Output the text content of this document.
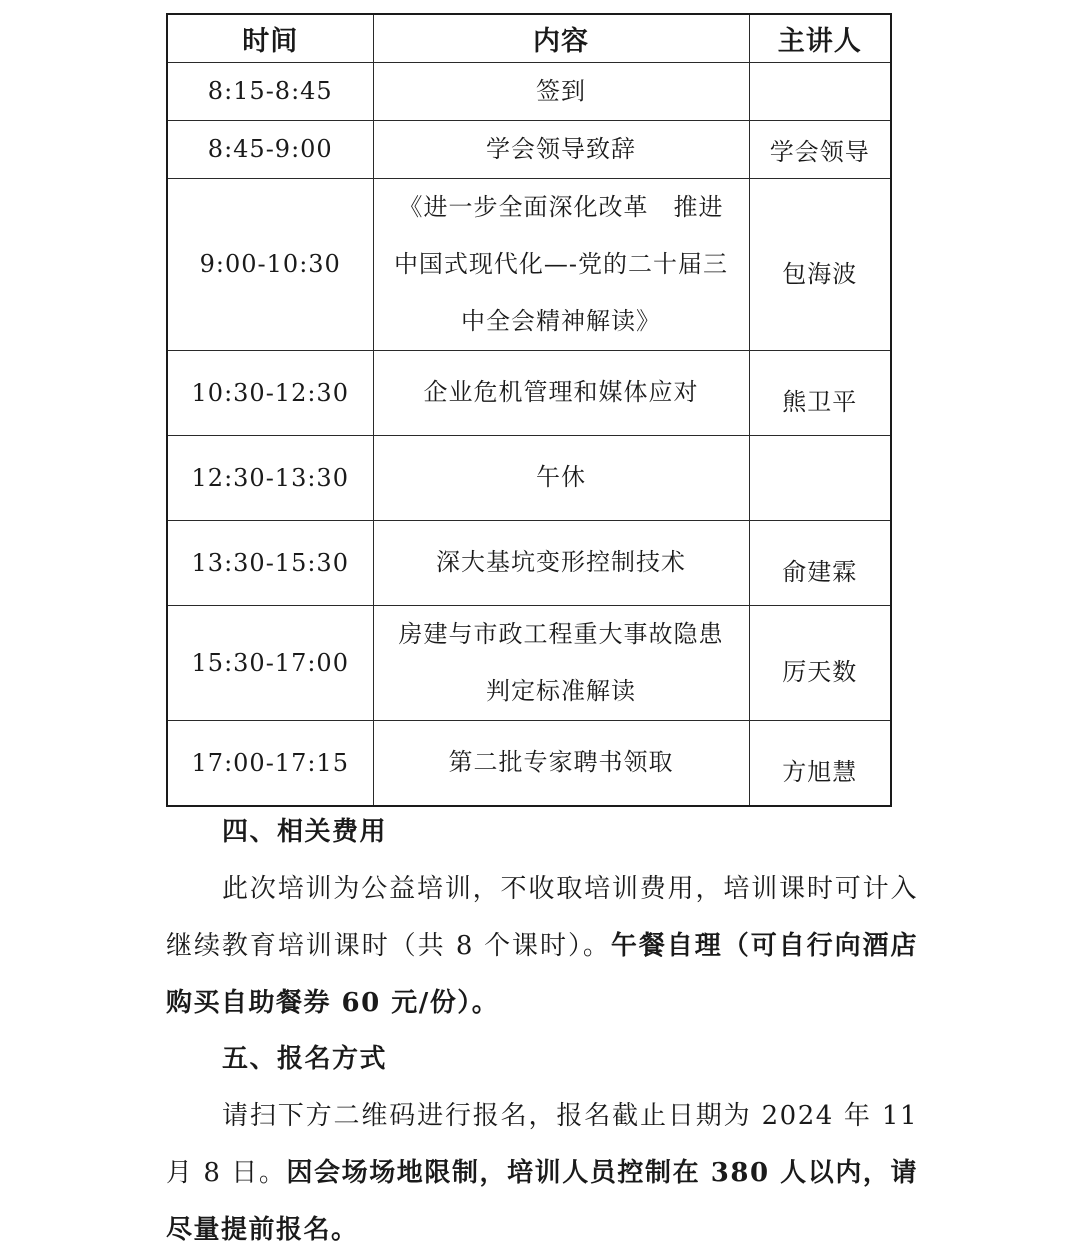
时间	内容	主讲人
8:15-8:45	签到	
8:45-9:00	学会领导致辞	学会领导
9:00-10:30	《进一步全面深化改革　推进中国式现代化—-党的二十届三中全会精神解读》	包海波
10:30-12:30	企业危机管理和媒体应对	熊卫平
12:30-13:30	午休	
13:30-15:30	深大基坑变形控制技术	俞建霖
15:30-17:00	房建与市政工程重大事故隐患判定标准解读	厉天数
17:00-17:15	第二批专家聘书领取	方旭慧

四、相关费用

此次培训为公益培训，不收取培训费用，培训课时可计入继续教育培训课时（共 8 个课时）。午餐自理（可自行向酒店购买自助餐券 60 元/份）。

五、报名方式

请扫下方二维码进行报名，报名截止日期为 2024 年 11 月 8 日。因会场场地限制，培训人员控制在 380 人以内，请尽量提前报名。
